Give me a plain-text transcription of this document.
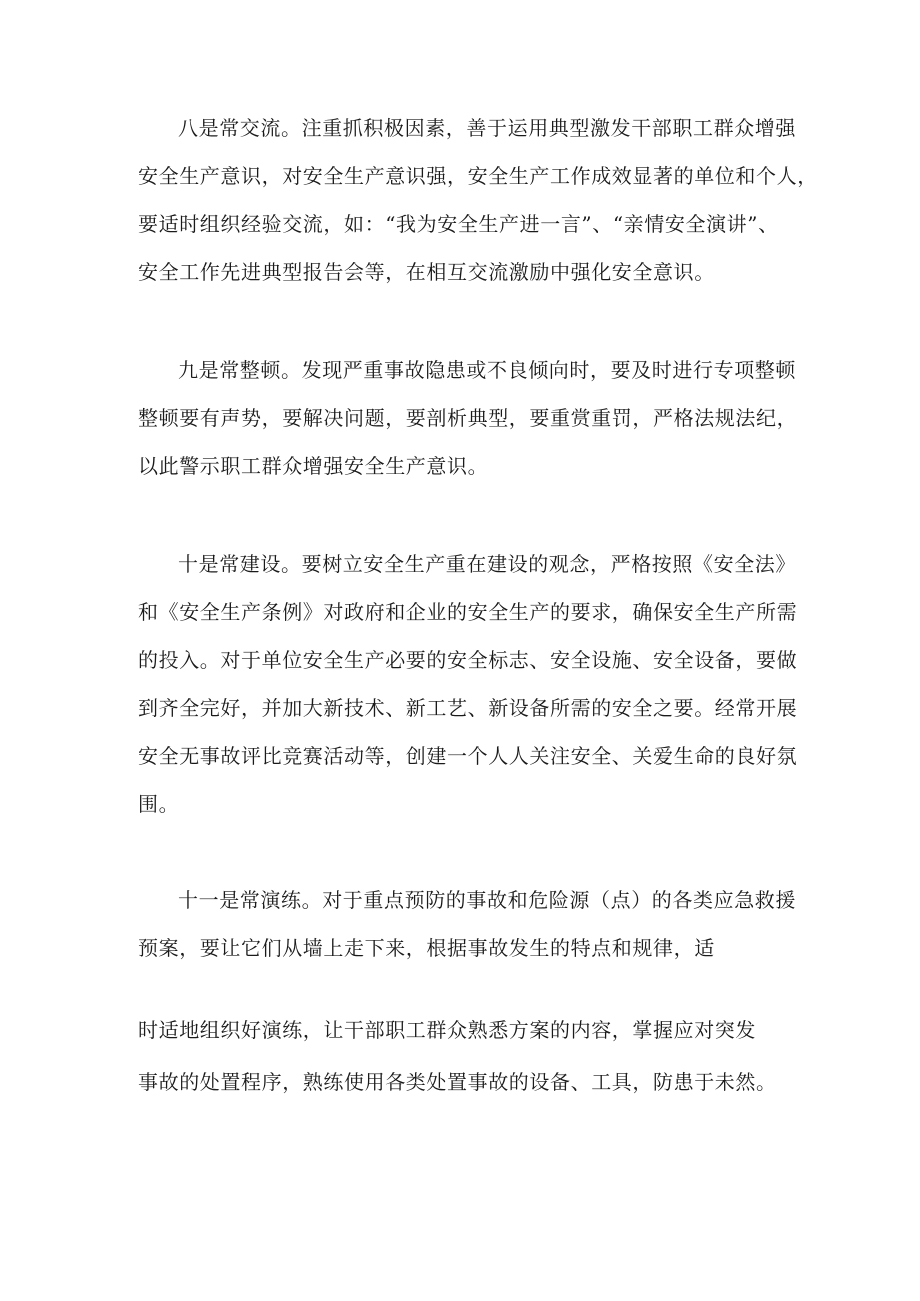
八是常交流。注重抓积极因素，善于运用典型激发干部职工群众增强
安全生产意识，对安全生产意识强，安全生产工作成效显著的单位和个人，
要适时组织经验交流，如：“我为安全生产进一言”、“亲情安全演讲”、
安全工作先进典型报告会等，在相互交流激励中强化安全意识。
九是常整顿。发现严重事故隐患或不良倾向时，要及时进行专项整顿
整顿要有声势，要解决问题，要剖析典型，要重赏重罚，严格法规法纪，
以此警示职工群众增强安全生产意识。
十是常建设。要树立安全生产重在建设的观念，严格按照《安全法》
和《安全生产条例》对政府和企业的安全生产的要求，确保安全生产所需
的投入。对于单位安全生产必要的安全标志、安全设施、安全设备，要做
到齐全完好，并加大新技术、新工艺、新设备所需的安全之要。经常开展
安全无事故评比竞赛活动等，创建一个人人关注安全、关爱生命的良好氛
围。
十一是常演练。对于重点预防的事故和危险源（点）的各类应急救援
预案，要让它们从墙上走下来，根据事故发生的特点和规律，适
时适地组织好演练，让干部职工群众熟悉方案的内容，掌握应对突发
事故的处置程序，熟练使用各类处置事故的设备、工具，防患于未然。
